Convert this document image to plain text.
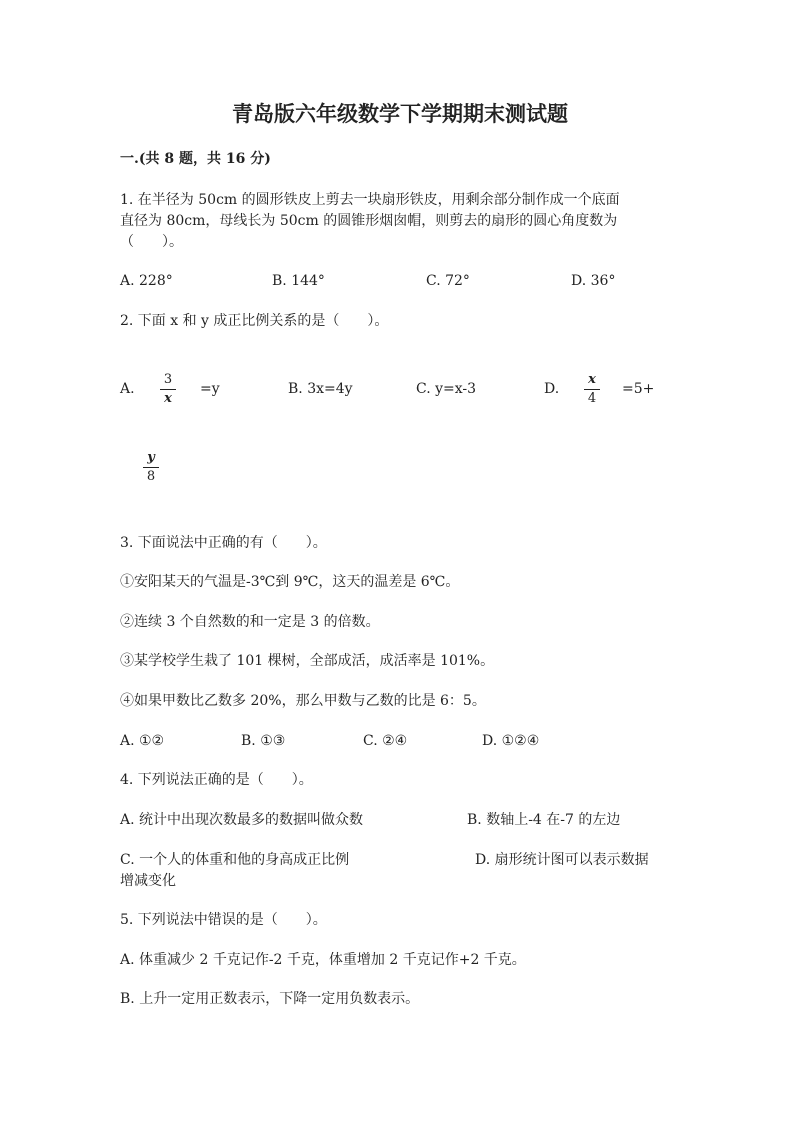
青岛版六年级数学下学期期末测试题
一.(共 8 题，共 16 分)
1. 在半径为 50cm 的圆形铁皮上剪去一块扇形铁皮，用剩余部分制作成一个底面
直径为 80cm，母线长为 50cm 的圆锥形烟囱帽，则剪去的扇形的圆心角度数为
（　　）。
A. 228°	B. 144°	C. 72°	D. 36°
2. 下面 x 和 y 成正比例关系的是（　　）。
A.
3
x
=y	B. 3x=4y	C. y=x-3	D.
x
4
=5+
y
8
3. 下面说法中正确的有（　　）。
①安阳某天的气温是-3℃到 9℃，这天的温差是 6℃。
②连续 3 个自然数的和一定是 3 的倍数。
③某学校学生栽了 101 棵树，全部成活，成活率是 101%。
④如果甲数比乙数多 20%，那么甲数与乙数的比是 6：5。
A. ①②	B. ①③	C. ②④	D. ①②④
4. 下列说法正确的是（　　）。
A. 统计中出现次数最多的数据叫做众数	B. 数轴上-4 在-7 的左边
C. 一个人的体重和他的身高成正比例	D. 扇形统计图可以表示数据
增减变化
5. 下列说法中错误的是（　　）。
A. 体重减少 2 千克记作-2 千克，体重增加 2 千克记作+2 千克。
B. 上升一定用正数表示，下降一定用负数表示。
